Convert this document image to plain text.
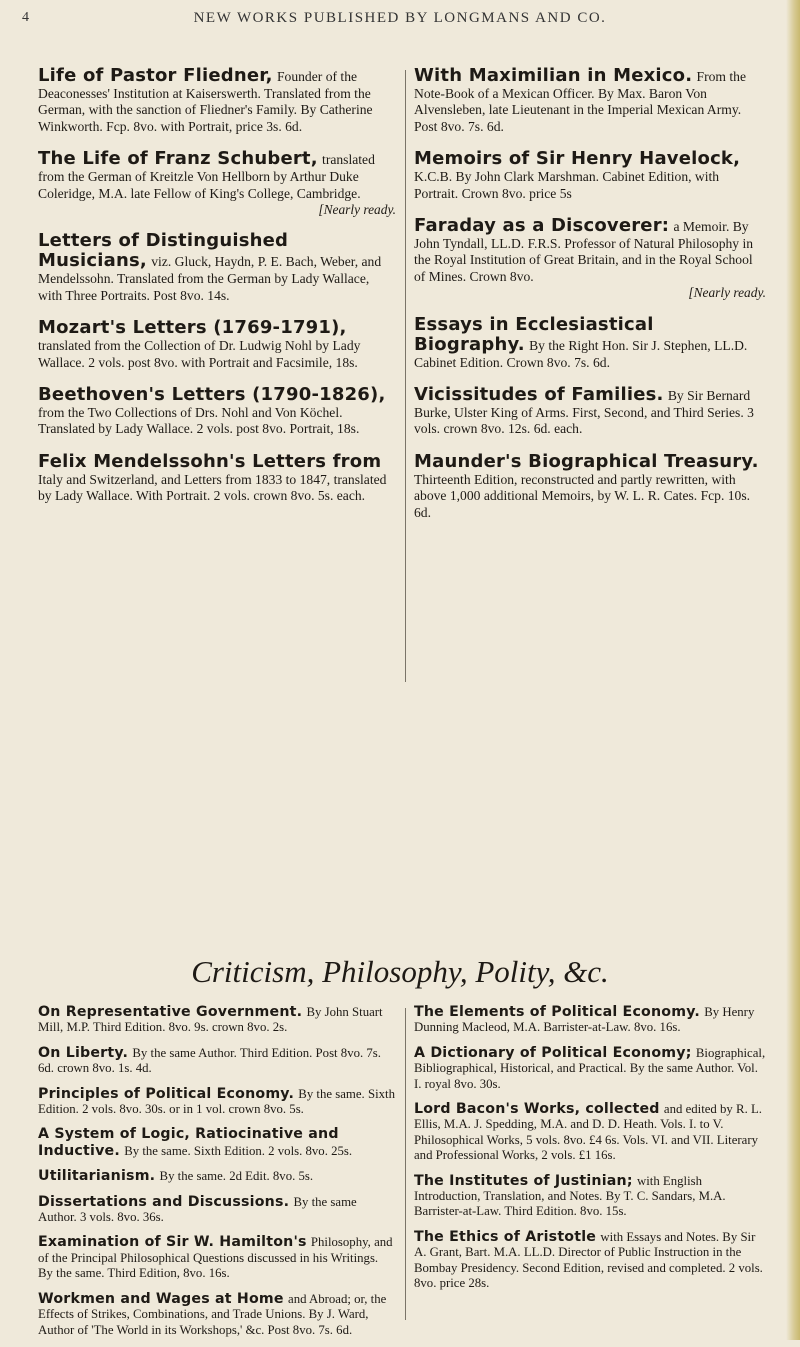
4	NEW WORKS PUBLISHED BY LONGMANS AND CO.
Life of Pastor Fliedner, Founder of the Deaconesses' Institution at Kaiserswerth. Translated from the German, with the sanction of Fliedner's Family. By Catherine Winkworth. Fcp. 8vo. with Portrait, price 3s. 6d.
The Life of Franz Schubert, translated from the German of Kreitzle Von Hellborn by Arthur Duke Coleridge, M.A. late Fellow of King's College, Cambridge.
[Nearly ready.
Letters of Distinguished Musicians, viz. Gluck, Haydn, P. E. Bach, Weber, and Mendelssohn. Translated from the German by Lady Wallace, with Three Portraits. Post 8vo. 14s.
Mozart's Letters (1769-1791), translated from the Collection of Dr. Ludwig Nohl by Lady Wallace. 2 vols. post 8vo. with Portrait and Facsimile, 18s.
Beethoven's Letters (1790-1826), from the Two Collections of Drs. Nohl and Von Köchel. Translated by Lady Wallace. 2 vols. post 8vo. Portrait, 18s.
Felix Mendelssohn's Letters from Italy and Switzerland, and Letters from 1833 to 1847, translated by Lady Wallace. With Portrait. 2 vols. crown 8vo. 5s. each.
With Maximilian in Mexico. From the Note-Book of a Mexican Officer. By Max. Baron Von Alvensleben, late Lieutenant in the Imperial Mexican Army. Post 8vo. 7s. 6d.
Memoirs of Sir Henry Havelock, K.C.B. By John Clark Marshman. Cabinet Edition, with Portrait. Crown 8vo. price 5s
Faraday as a Discoverer: a Memoir. By John Tyndall, LL.D. F.R.S. Professor of Natural Philosophy in the Royal Institution of Great Britain, and in the Royal School of Mines. Crown 8vo.
[Nearly ready.
Essays in Ecclesiastical Biography. By the Right Hon. Sir J. Stephen, LL.D. Cabinet Edition. Crown 8vo. 7s. 6d.
Vicissitudes of Families. By Sir Bernard Burke, Ulster King of Arms. First, Second, and Third Series. 3 vols. crown 8vo. 12s. 6d. each.
Maunder's Biographical Treasury. Thirteenth Edition, reconstructed and partly rewritten, with above 1,000 additional Memoirs, by W. L. R. Cates. Fcp. 10s. 6d.
Criticism, Philosophy, Polity, &c.
On Representative Government. By John Stuart Mill, M.P. Third Edition. 8vo. 9s. crown 8vo. 2s.
On Liberty. By the same Author. Third Edition. Post 8vo. 7s. 6d. crown 8vo. 1s. 4d.
Principles of Political Economy. By the same. Sixth Edition. 2 vols. 8vo. 30s. or in 1 vol. crown 8vo. 5s.
A System of Logic, Ratiocinative and Inductive. By the same. Sixth Edition. 2 vols. 8vo. 25s.
Utilitarianism. By the same. 2d Edit. 8vo. 5s.
Dissertations and Discussions. By the same Author. 3 vols. 8vo. 36s.
Examination of Sir W. Hamilton's Philosophy, and of the Principal Philosophical Questions discussed in his Writings. By the same. Third Edition, 8vo. 16s.
Workmen and Wages at Home and Abroad; or, the Effects of Strikes, Combinations, and Trade Unions. By J. Ward, Author of 'The World in its Workshops,' &c. Post 8vo. 7s. 6d.
The Elements of Political Economy. By Henry Dunning Macleod, M.A. Barrister-at-Law. 8vo. 16s.
A Dictionary of Political Economy; Biographical, Bibliographical, Historical, and Practical. By the same Author. Vol. I. royal 8vo. 30s.
Lord Bacon's Works, collected and edited by R. L. Ellis, M.A. J. Spedding, M.A. and D. D. Heath. Vols. I. to V. Philosophical Works, 5 vols. 8vo. £4 6s. Vols. VI. and VII. Literary and Professional Works, 2 vols. £1 16s.
The Institutes of Justinian; with English Introduction, Translation, and Notes. By T. C. Sandars, M.A. Barrister-at-Law. Third Edition. 8vo. 15s.
The Ethics of Aristotle with Essays and Notes. By Sir A. Grant, Bart. M.A. LL.D. Director of Public Instruction in the Bombay Presidency. Second Edition, revised and completed. 2 vols. 8vo. price 28s.
